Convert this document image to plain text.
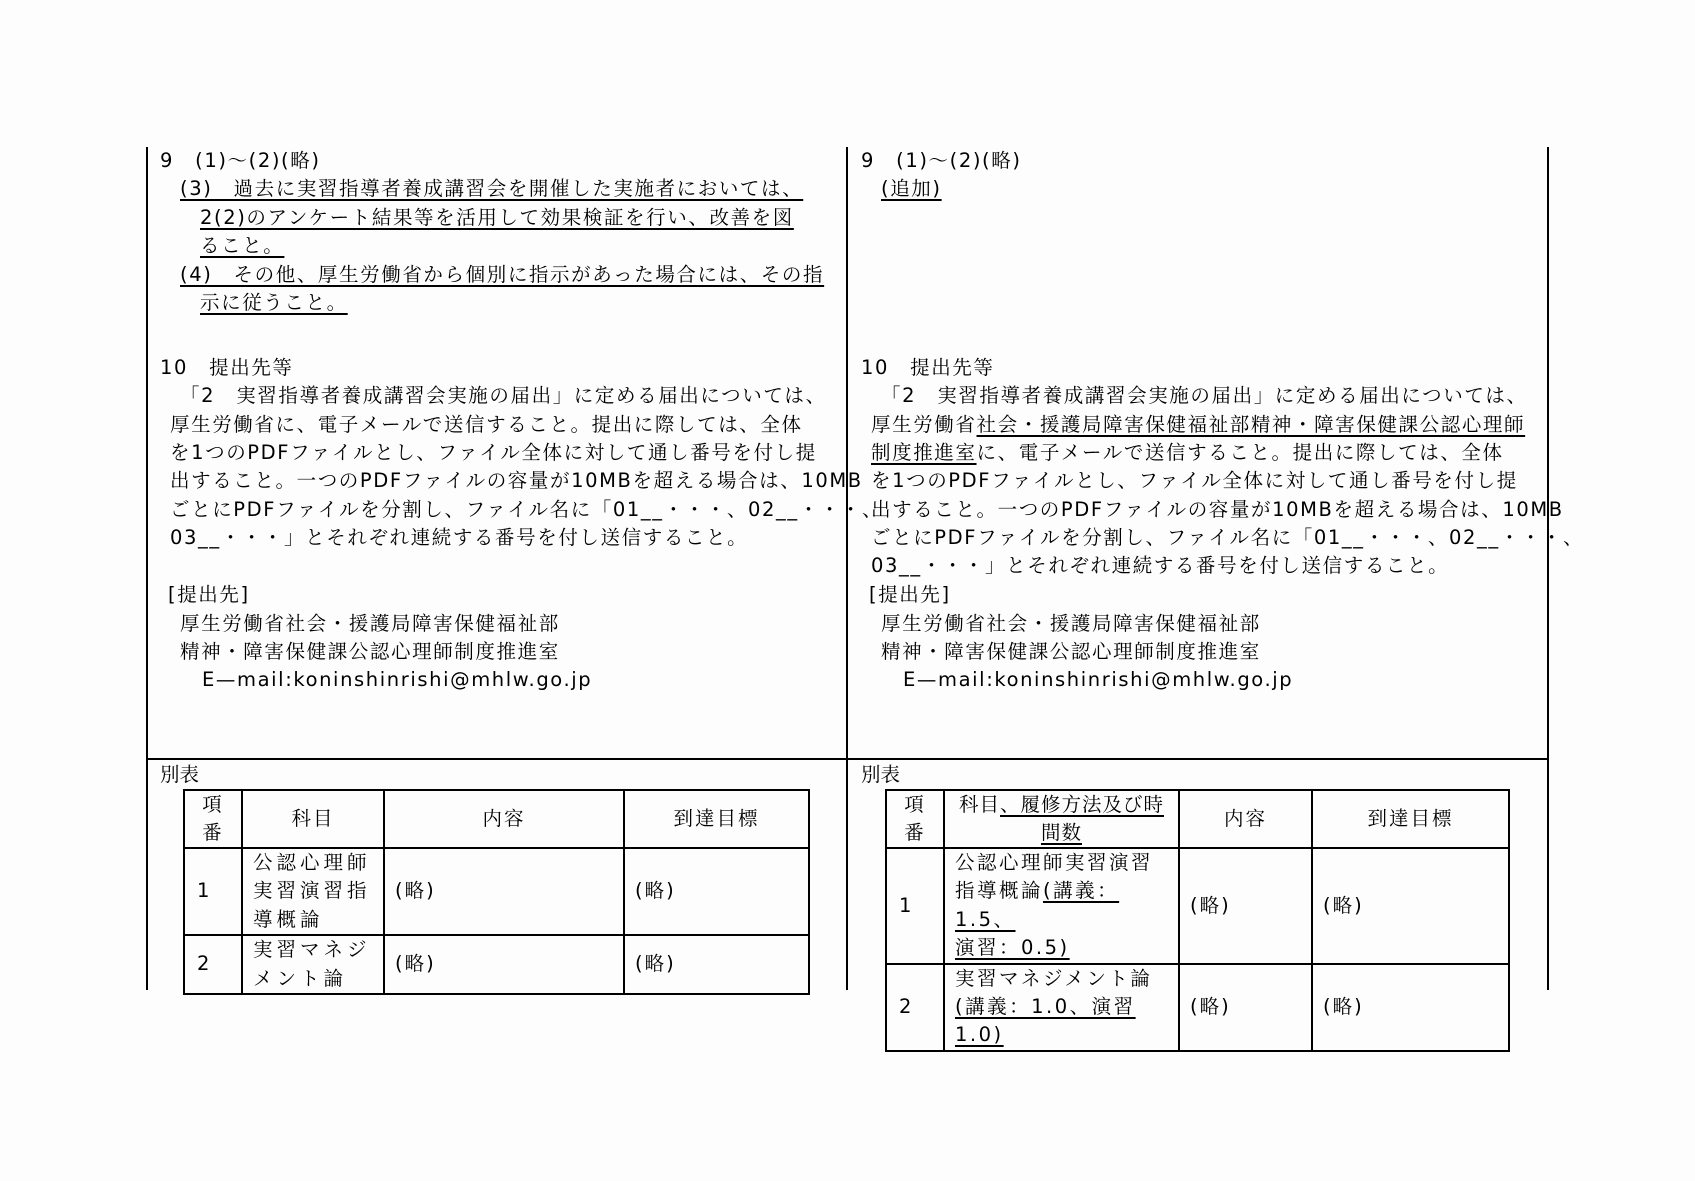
9　(1)～(2)(略)
(3)　過去に実習指導者養成講習会を開催した実施者においては、
2(2)のアンケート結果等を活用して効果検証を行い、改善を図
ること。
(4)　その他、厚生労働省から個別に指示があった場合には、その指
示に従うこと。
10　提出先等
「2　実習指導者養成講習会実施の届出」に定める届出については、
厚生労働省に、電子メールで送信すること。提出に際しては、全体
を1つのPDFファイルとし、ファイル全体に対して通し番号を付し提
出すること。一つのPDFファイルの容量が10MBを超える場合は、10MB
ごとにPDFファイルを分割し、ファイル名に「01__・・・、02__・・・、
03__・・・」とそれぞれ連続する番号を付し送信すること。
[提出先]
厚生労働省社会・援護局障害保健福祉部
精神・障害保健課公認心理師制度推進室
E—mail:koninshinrishi@mhlw.go.jp
別表
項
番	科目	内容	到達目標
1	公認心理師
実習演習指
導概論	(略)	(略)
2	実習マネジ
メント論	(略)	(略)
9　(1)～(2)(略)
(追加)
10　提出先等
「2　実習指導者養成講習会実施の届出」に定める届出については、
厚生労働省社会・援護局障害保健福祉部精神・障害保健課公認心理師
制度推進室に、電子メールで送信すること。提出に際しては、全体
を1つのPDFファイルとし、ファイル全体に対して通し番号を付し提
出すること。一つのPDFファイルの容量が10MBを超える場合は、10MB
ごとにPDFファイルを分割し、ファイル名に「01__・・・、02__・・・、
03__・・・」とそれぞれ連続する番号を付し送信すること。
[提出先]
厚生労働省社会・援護局障害保健福祉部
精神・障害保健課公認心理師制度推進室
E—mail:koninshinrishi@mhlw.go.jp
別表
項
番	科目、履修方法及び時
間数	内容	到達目標
1	公認心理師実習演習
指導概論(講義：1.5、
演習：0.5)	(略)	(略)
2	実習マネジメント論
(講義：1.0、演習1.0)	(略)	(略)
